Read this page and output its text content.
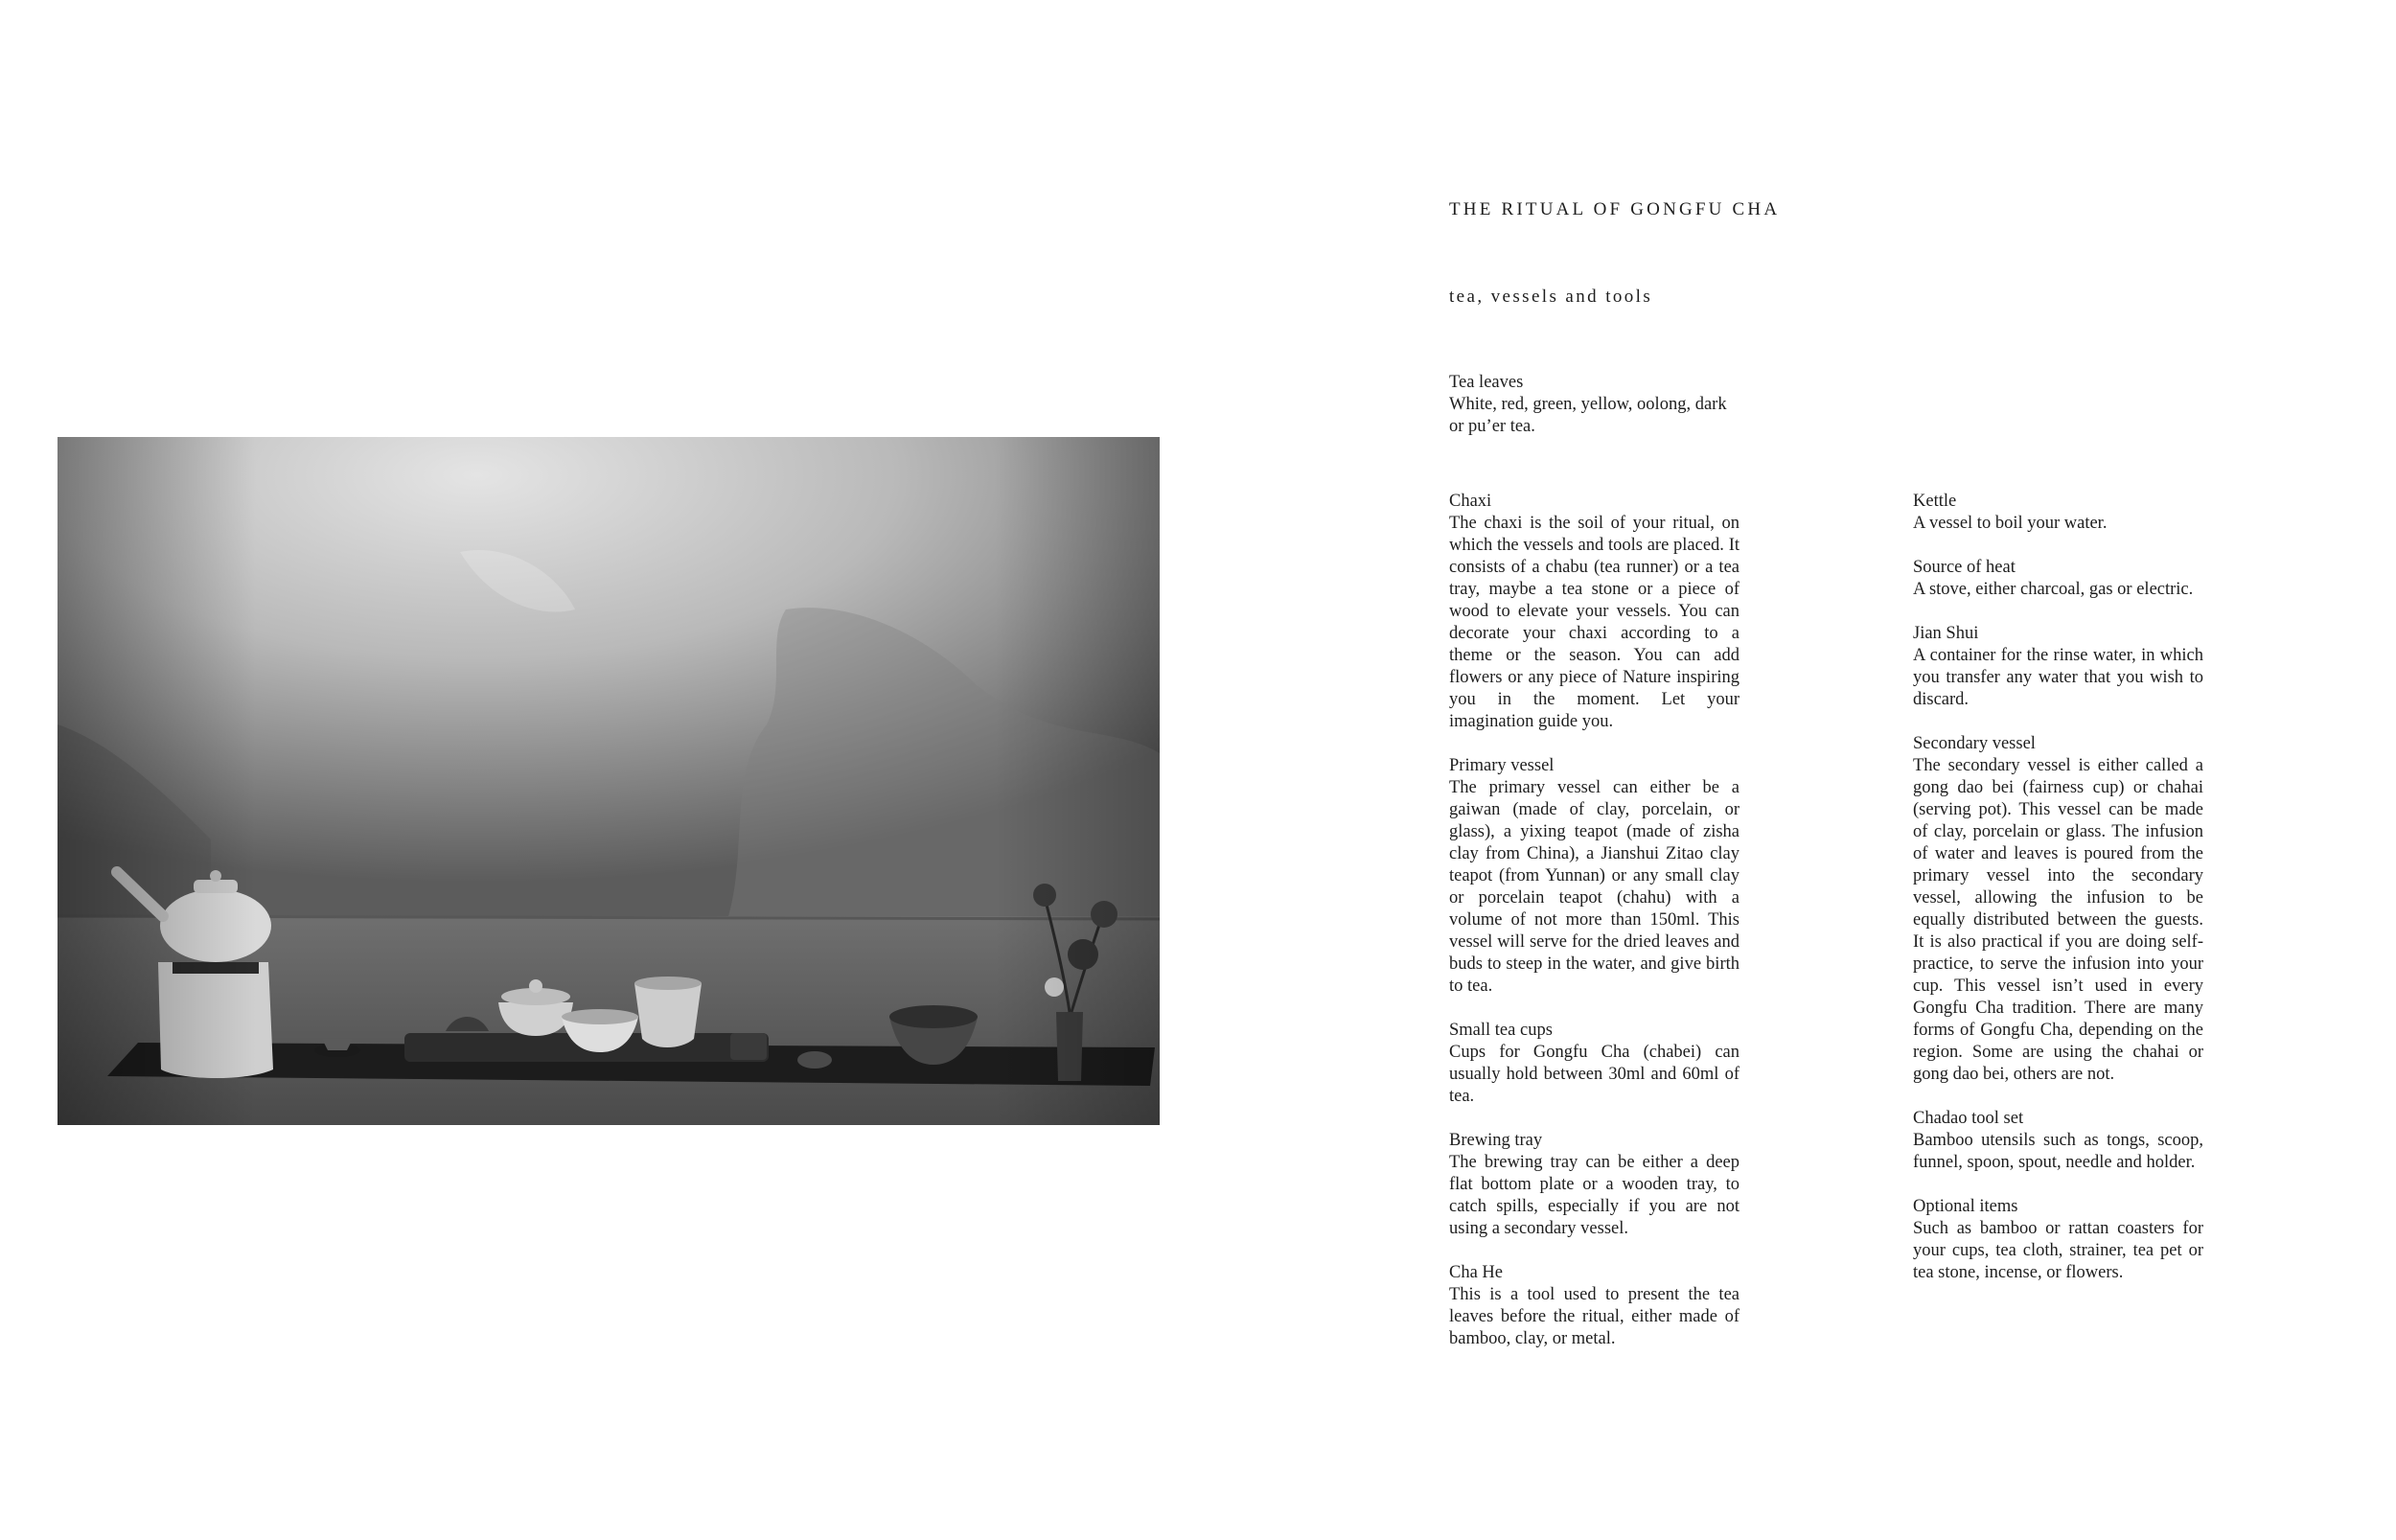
THE RITUAL OF GONGFU CHA
tea, vessels and tools
Tea leaves

White, red, green, yellow, oolong, dark or pu’er tea.

Chaxi

The chaxi is the soil of your ritual, on which the vessels and tools are placed. It consists of a chabu (tea runner) or a tea tray, maybe a tea stone or a piece of wood to elevate your vessels. You can decorate your chaxi according to a theme or the season. You can add flowers or any piece of Nature inspiring you in the moment. Let your imagination guide you.

Primary vessel

The primary vessel can either be a gaiwan (made of clay, porcelain, or glass), a yixing teapot (made of zisha clay from China), a Jianshui Zitao clay teapot (from Yunnan) or any small clay or porcelain teapot (chahu) with a volume of not more than 150ml. This vessel will serve for the dried leaves and buds to steep in the water, and give birth to tea.

Small tea cups

Cups for Gongfu Cha (chabei) can usually hold between 30ml and 60ml of tea.

Brewing tray

The brewing tray can be either a deep flat bottom plate or a wooden tray, to catch spills, especially if you are not using a secondary vessel.

Cha He

This is a tool used to present the tea leaves before the ritual, either made of bamboo, clay, or metal.

Kettle

A vessel to boil your water.

Source of heat

A stove, either charcoal, gas or electric.

Jian Shui

A container for the rinse water, in which you transfer any water that you wish to discard.

Secondary vessel

The secondary vessel is either called a gong dao bei (fairness cup) or chahai (serving pot). This vessel can be made of clay, porcelain or glass. The infusion of water and leaves is poured from the primary vessel into the secondary vessel, allowing the infusion to be equally distributed between the guests. It is also practical if you are doing self-practice, to serve the infusion into your cup. This vessel isn’t used in every Gongfu Cha tradition. There are many forms of Gongfu Cha, depending on the region. Some are using the chahai or gong dao bei, others are not.

Chadao tool set

Bamboo utensils such as tongs, scoop, funnel, spoon, spout, needle and holder.

Optional items

Such as bamboo or rattan coasters for your cups, tea cloth, strainer, tea pet or tea stone, incense, or flowers.
